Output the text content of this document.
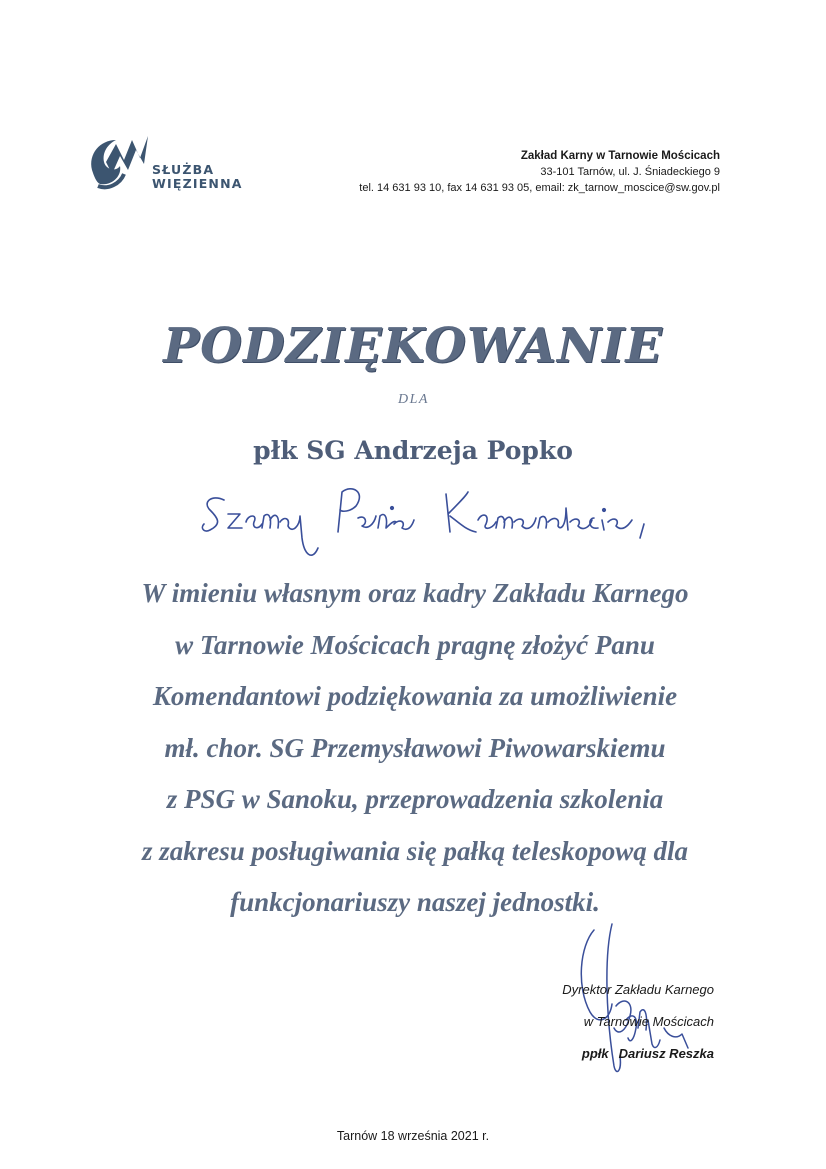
SŁUŻBA
WIĘZIENNA
Zakład Karny w Tarnowie Mościcach
33-101 Tarnów, ul. J. Śniadeckiego 9
tel. 14 631 93 10, fax 14 631 93 05, email: zk_tarnow_moscice@sw.gov.pl
PODZIĘKOWANIE
DLA
płk SG Andrzeja Popko
W imieniu własnym oraz kadry Zakładu Karnego
w Tarnowie Mościcach pragnę złożyć Panu
Komendantowi podziękowania za umożliwienie
mł. chor. SG Przemysławowi Piwowarskiemu
z PSG w Sanoku, przeprowadzenia szkolenia
z zakresu posługiwania się pałką teleskopową dla
funkcjonariuszy naszej jednostki.
Dyrektor Zakładu Karnego
w Tarnowie Mościcach
ppłk Dariusz Reszka
Tarnów 18 września 2021 r.
